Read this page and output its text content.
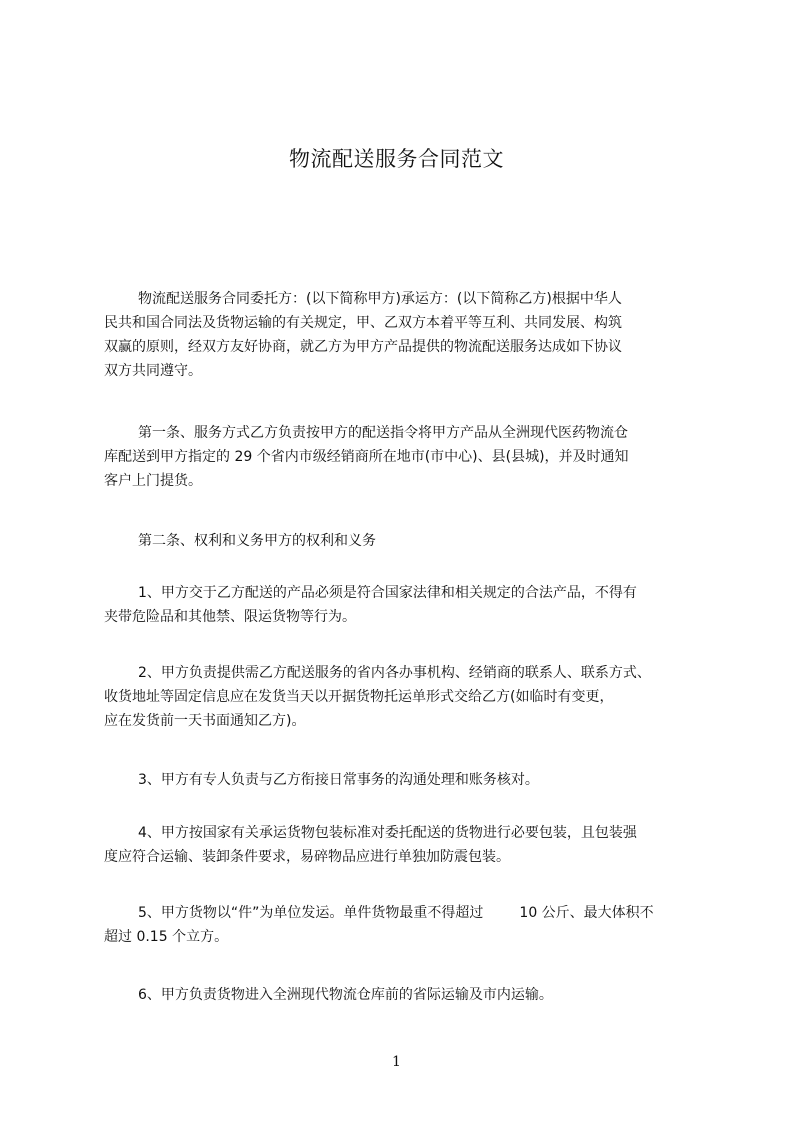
物流配送服务合同范文

物流配送服务合同委托方：(以下简称甲方)承运方：(以下简称乙方)根据中华人
民共和国合同法及货物运输的有关规定，甲、乙双方本着平等互利、共同发展、构筑
双赢的原则，经双方友好协商，就乙方为甲方产品提供的物流配送服务达成如下协议
双方共同遵守。

第一条、服务方式乙方负责按甲方的配送指令将甲方产品从全洲现代医药物流仓
库配送到甲方指定的 29 个省内市级经销商所在地市(市中心)、县(县城)，并及时通知
客户上门提货。

第二条、权利和义务甲方的权利和义务

1、甲方交于乙方配送的产品必须是符合国家法律和相关规定的合法产品，不得有
夹带危险品和其他禁、限运货物等行为。

2、甲方负责提供需乙方配送服务的省内各办事机构、经销商的联系人、联系方式、
收货地址等固定信息应在发货当天以开据货物托运单形式交给乙方(如临时有变更，
应在发货前一天书面通知乙方)。

3、甲方有专人负责与乙方衔接日常事务的沟通处理和账务核对。

4、甲方按国家有关承运货物包装标准对委托配送的货物进行必要包装，且包装强
度应符合运输、装卸条件要求，易碎物品应进行单独加防震包装。

5、甲方货物以“件”为单位发运。单件货物最重不得超过	10 公斤、最大体积不
超过 0.15 个立方。

6、甲方负责货物进入全洲现代物流仓库前的省际运输及市内运输。

1
